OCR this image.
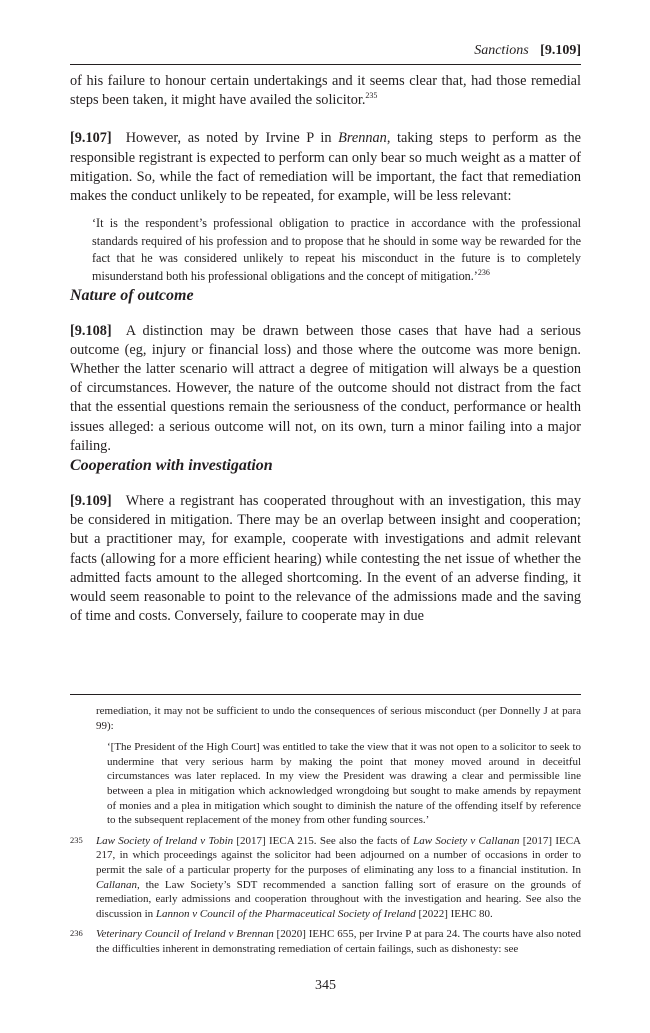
Sanctions [9.109]

of his failure to honour certain undertakings and it seems clear that, had those remedial steps been taken, it might have availed the solicitor.$^{235}$

[9.107] However, as noted by Irvine P in Brennan, taking steps to perform as the responsible registrant is expected to perform can only bear so much weight as a matter of mitigation. So, while the fact of remediation will be important, the fact that remediation makes the conduct unlikely to be repeated, for example, will be less relevant:

‘It is the respondent’s professional obligation to practice in accordance with the professional standards required of his profession and to propose that he should in some way be rewarded for the fact that he was considered unlikely to repeat his misconduct in the future is to completely misunderstand both his professional obligations and the concept of mitigation.’$^{236}$

Nature of outcome

[9.108] A distinction may be drawn between those cases that have had a serious outcome (eg, injury or financial loss) and those where the outcome was more benign. Whether the latter scenario will attract a degree of mitigation will always be a question of circumstances. However, the nature of the outcome should not distract from the fact that the essential questions remain the seriousness of the conduct, performance or health issues alleged: a serious outcome will not, on its own, turn a minor failing into a major failing.

Cooperation with investigation

[9.109] Where a registrant has cooperated throughout with an investigation, this may be considered in mitigation. There may be an overlap between insight and cooperation; but a practitioner may, for example, cooperate with investigations and admit relevant facts (allowing for a more efficient hearing) while contesting the net issue of whether the admitted facts amount to the alleged shortcoming. In the event of an adverse finding, it would seem reasonable to point to the relevance of the admissions made and the saving of time and costs. Conversely, failure to cooperate may in due

remediation, it may not be sufficient to undo the consequences of serious misconduct (per Donnelly J at para 99):

‘[The President of the High Court] was entitled to take the view that it was not open to a solicitor to seek to undermine that very serious harm by making the point that money moved around in deceitful circumstances was later replaced. In my view the President was drawing a clear and permissible line between a plea in mitigation which acknowledged wrongdoing but sought to make amends by repayment of monies and a plea in mitigation which sought to diminish the nature of the offending itself by reference to the subsequent replacement of the money from other funding sources.’

235 Law Society of Ireland v Tobin [2017] IECA 215. See also the facts of Law Society v Callanan [2017] IECA 217, in which proceedings against the solicitor had been adjourned on a number of occasions in order to permit the sale of a particular property for the purposes of eliminating any loss to a financial institution. In Callanan, the Law Society’s SDT recommended a sanction falling sort of erasure on the grounds of remediation, early admissions and cooperation throughout with the investigation and hearing. See also the discussion in Lannon v Council of the Pharmaceutical Society of Ireland [2022] IEHC 80.

236 Veterinary Council of Ireland v Brennan [2020] IEHC 655, per Irvine P at para 24. The courts have also noted the difficulties inherent in demonstrating remediation of certain failings, such as dishonesty: see

345
